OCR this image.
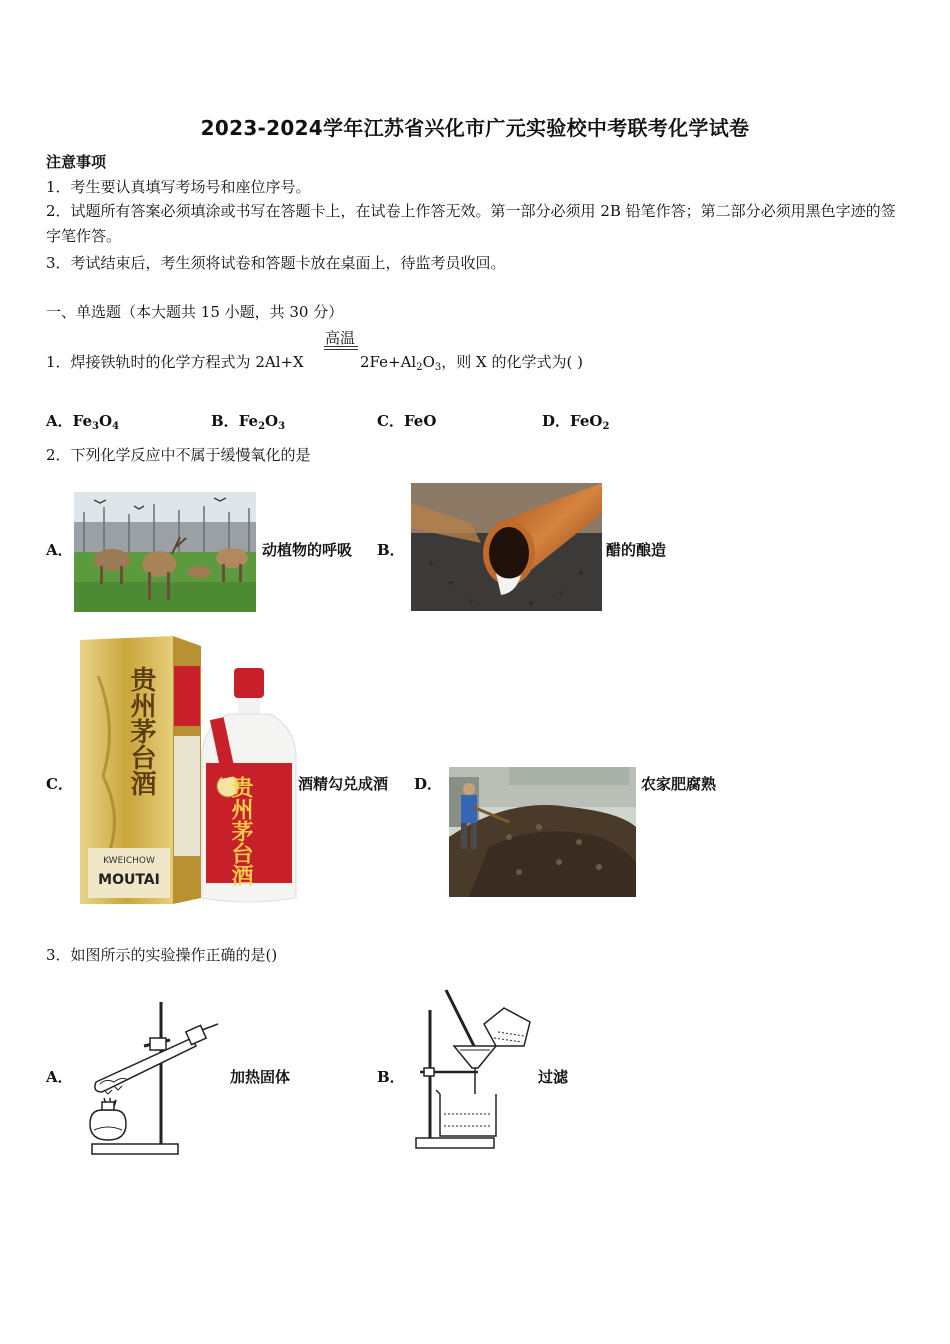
2023-2024学年江苏省兴化市广元实验校中考联考化学试卷
注意事项
1．考生要认真填写考场号和座位序号。
2．试题所有答案必须填涂或书写在答题卡上，在试卷上作答无效。第一部分必须用 2B 铅笔作答；第二部分必须用黑色字迹的签字笔作答。
3．考试结束后，考生须将试卷和答题卡放在桌面上，待监考员收回。
一、单选题（本大题共 15 小题，共 30 分）
1．焊接铁轨时的化学方程式为 2Al+X
高温
$2Fe+Al_2O_3$，则 X 的化学式为( )
A．$Fe_3O_4$	B．$Fe_2O_3$	C．FeO	D．FeO$_2$
2．下列化学反应中不属于缓慢氧化的是
A．	动植物的呼吸 B．	醋的酿造
C． 贵州茅台酒
KWEICHOW
MOUTAI	贵州茅台酒	酒精勾兑成酒 D．	农家肥腐熟
3．如图所示的实验操作正确的是()
A．	加热固体	B．	过滤
